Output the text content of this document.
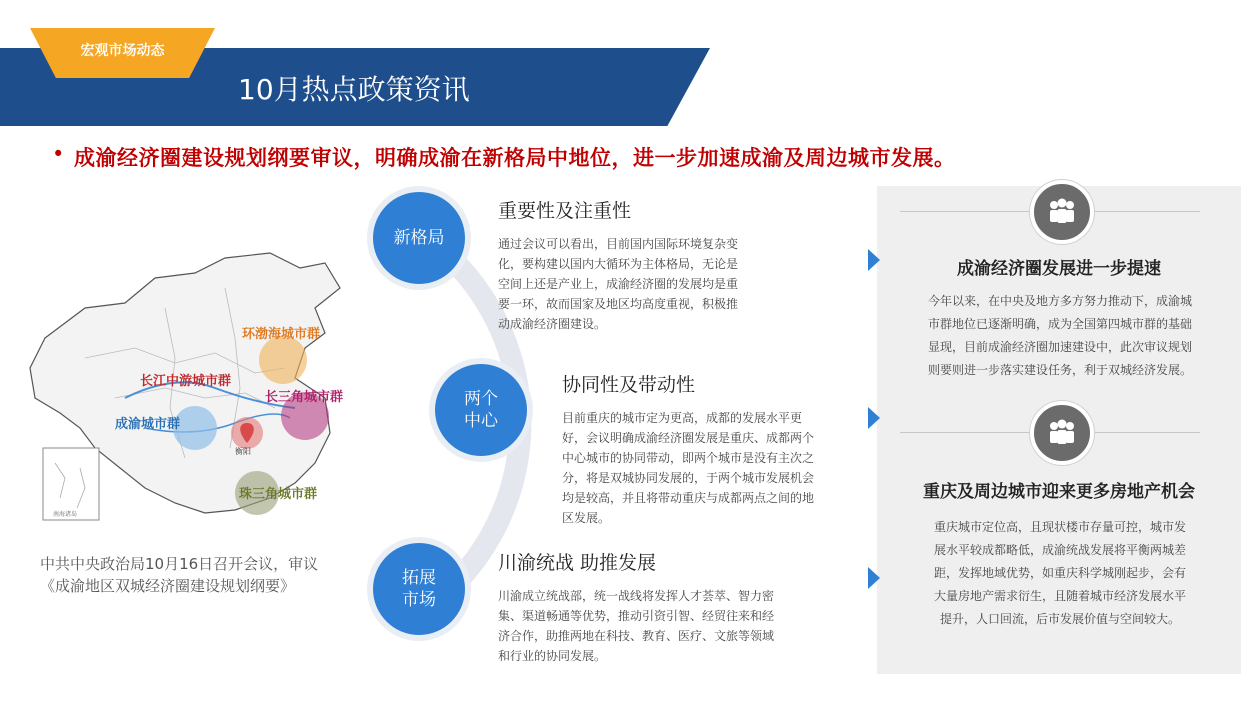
宏观市场动态
10月热点政策资讯
• 成渝经济圈建设规划纲要审议，明确成渝在新格局中地位，进一步加速成渝及周边城市发展。
环渤海城市群
长江中游城市群
长三角城市群
成渝城市群
珠三角城市群
衡阳
南海诸岛
中共中央政治局10月16日召开会议，审议
《成渝地区双城经济圈建设规划纲要》
新格局
两个
中心
拓展
市场
重要性及注重性
通过会议可以看出，目前国内国际环境复杂变化，要构建以国内大循环为主体格局，无论是空间上还是产业上，成渝经济圈的发展均是重要一环，故而国家及地区均高度重视，积极推动成渝经济圈建设。
协同性及带动性
目前重庆的城市定为更高，成都的发展水平更好，会议明确成渝经济圈发展是重庆、成都两个中心城市的协同带动，即两个城市是没有主次之分，将是双城协同发展的，于两个城市发展机会均是较高，并且将带动重庆与成都两点之间的地区发展。
川渝统战 助推发展
川渝成立统战部，统一战线将发挥人才荟萃、智力密集、渠道畅通等优势，推动引资引智、经贸往来和经济合作，助推两地在科技、教育、医疗、文旅等领域和行业的协同发展。
成渝经济圈发展进一步提速
今年以来，在中央及地方多方努力推动下，成渝城市群地位已逐渐明确，成为全国第四城市群的基础显现，目前成渝经济圈加速建设中，此次审议规划则要则进一步落实建设任务，利于双城经济发展。
重庆及周边城市迎来更多房地产机会
重庆城市定位高，且现状楼市存量可控，城市发展水平较成都略低，成渝统战发展将平衡两城差距，发挥地域优势，如重庆科学城刚起步，会有大量房地产需求衍生，且随着城市经济发展水平提升，人口回流，后市发展价值与空间较大。
